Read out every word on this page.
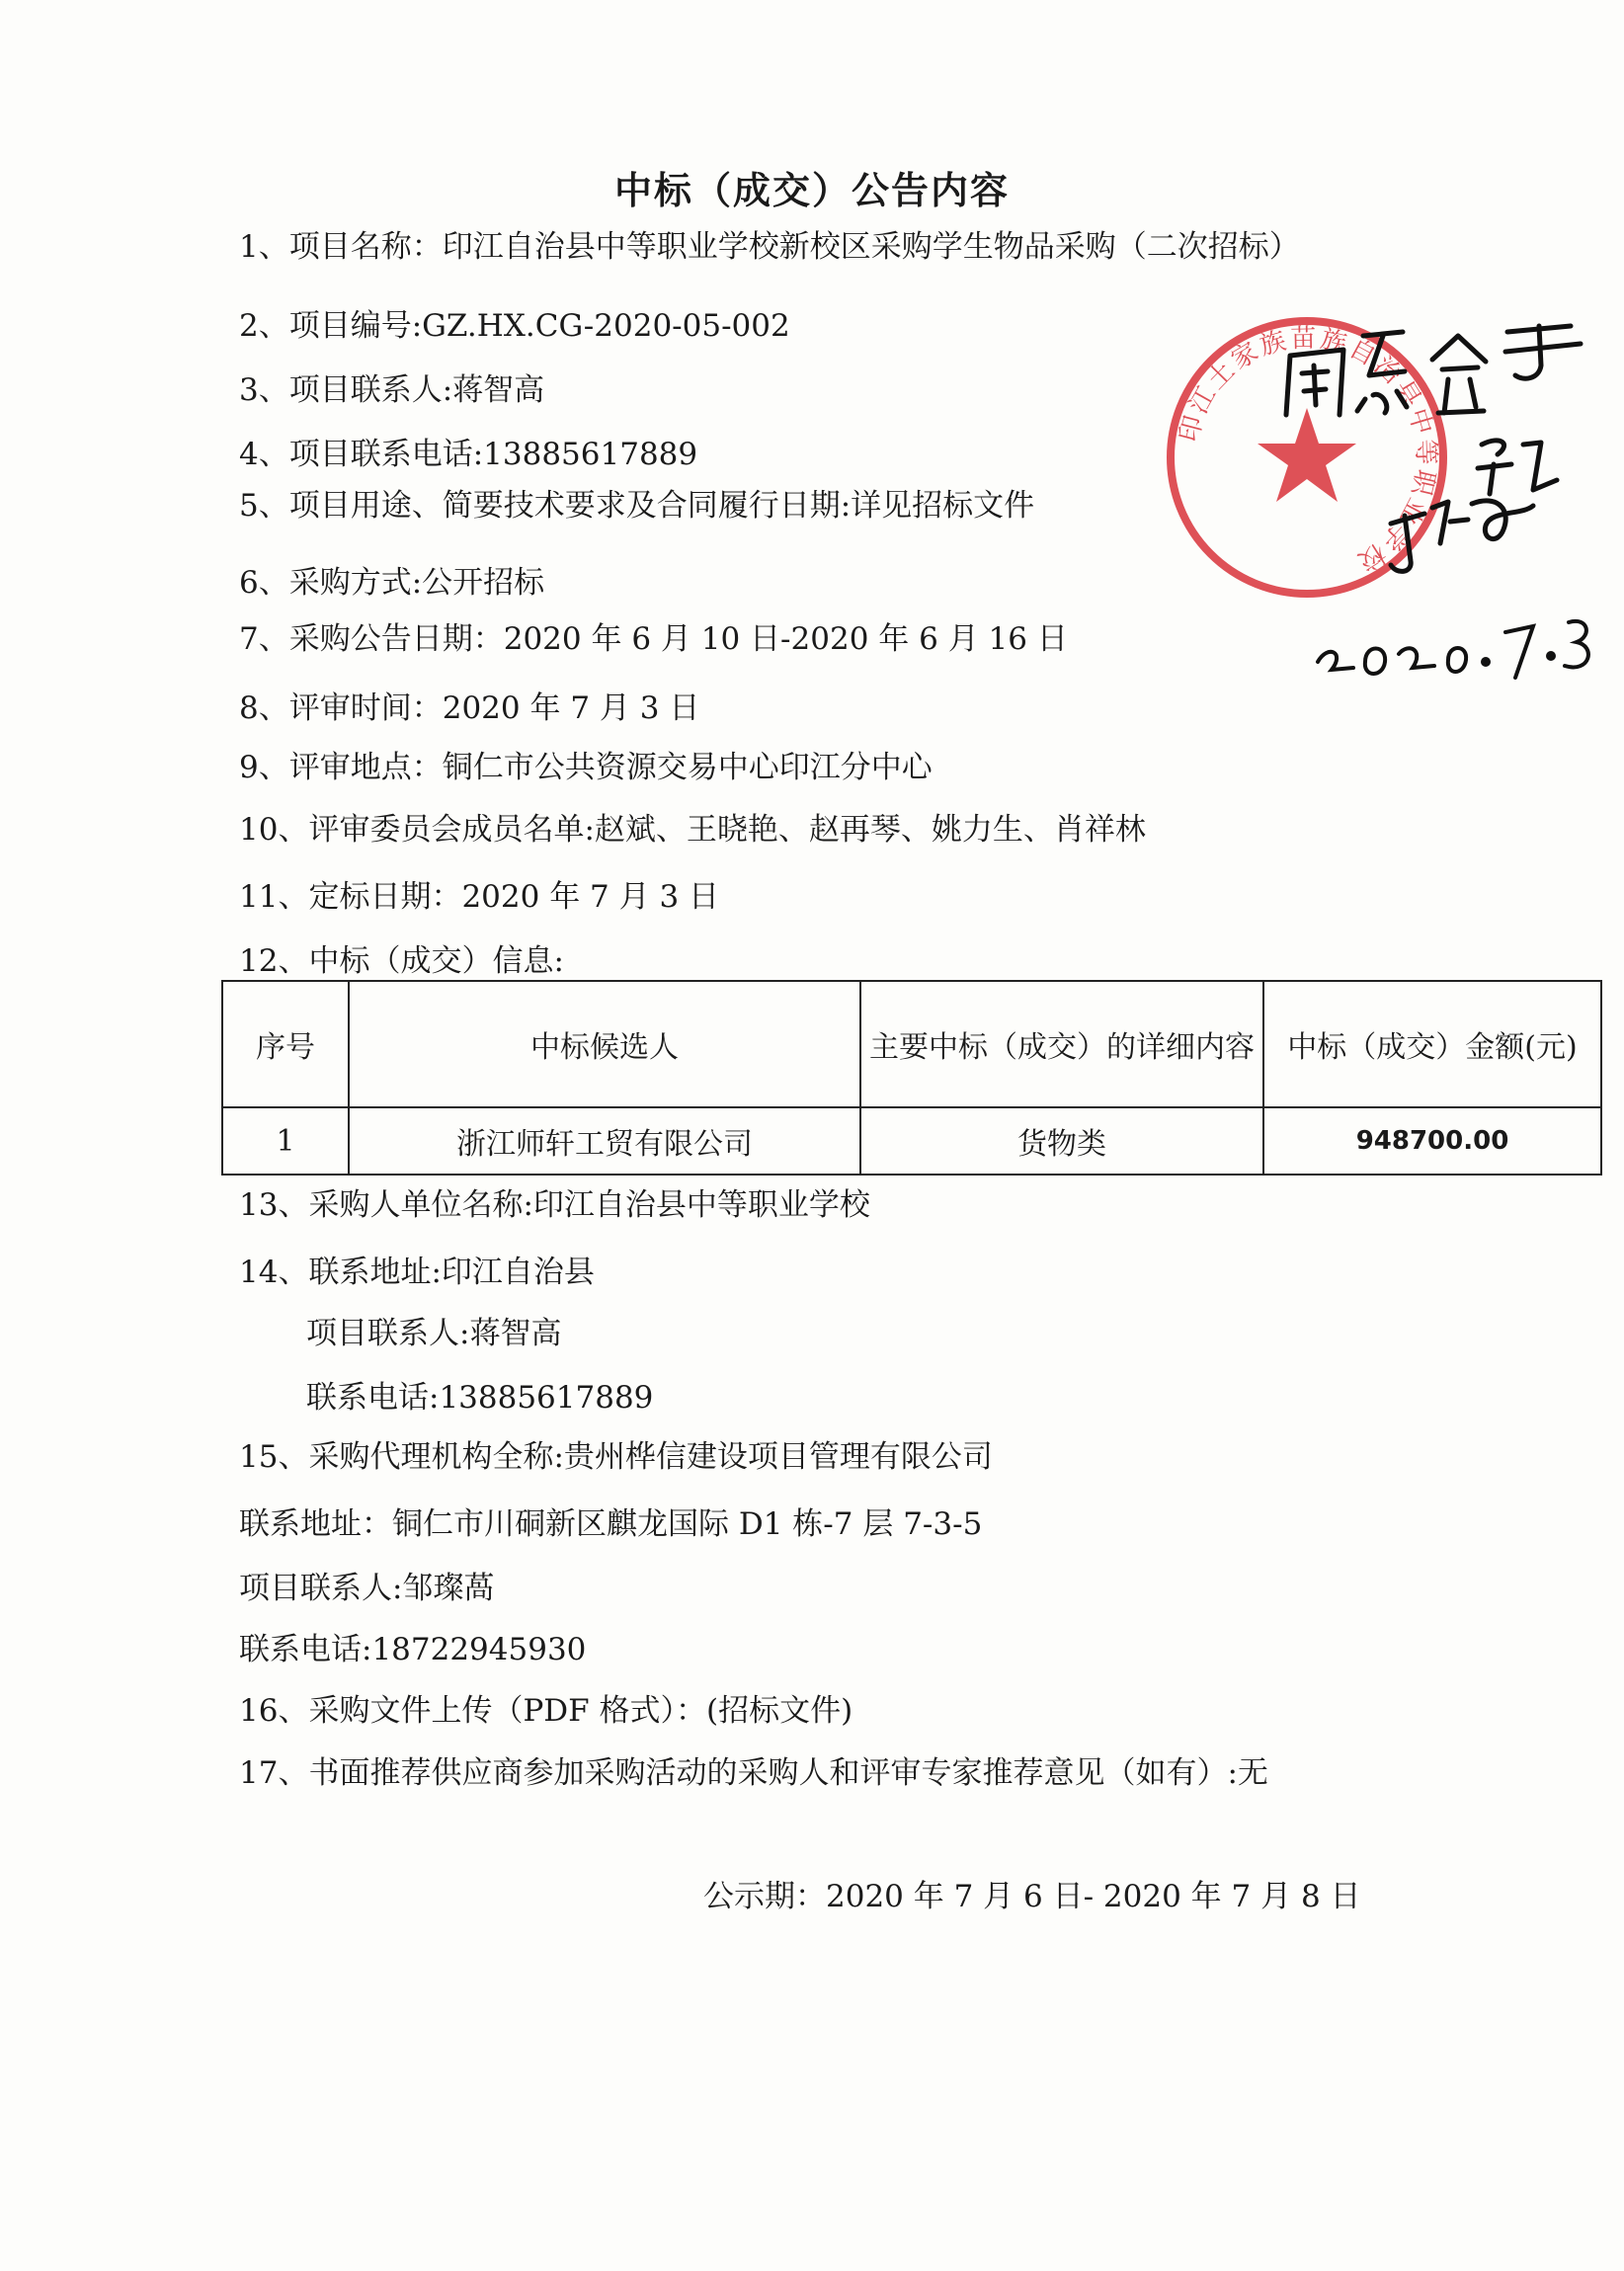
中标（成交）公告内容
1、项目名称：印江自治县中等职业学校新校区采购学生物品采购（二次招标）
2、项目编号:GZ.HX.CG-2020-05-002
3、项目联系人:蒋智高
4、项目联系电话:13885617889
5、项目用途、简要技术要求及合同履行日期:详见招标文件
6、采购方式:公开招标
7、采购公告日期：2020 年 6 月 10 日-2020 年 6 月 16 日
8、评审时间：2020 年 7 月 3 日
9、评审地点：铜仁市公共资源交易中心印江分中心
10、评审委员会成员名单:赵斌、王晓艳、赵再琴、姚力生、肖祥林
11、定标日期：2020 年 7 月 3 日
12、中标（成交）信息:
序号	中标候选人	主要中标（成交）的详细内容	中标（成交）金额(元)
1	浙江师轩工贸有限公司	货物类	948700.00
13、采购人单位名称:印江自治县中等职业学校
14、联系地址:印江自治县
项目联系人:蒋智高
联系电话:13885617889
15、采购代理机构全称:贵州桦信建设项目管理有限公司
联系地址：铜仁市川硐新区麒龙国际 D1 栋-7 层 7-3-5
项目联系人:邹璨萵
联系电话:18722945930
16、采购文件上传（PDF 格式）：(招标文件)
17、书面推荐供应商参加采购活动的采购人和评审专家推荐意见（如有）:无
公示期：2020 年 7 月 6 日- 2020 年 7 月 8 日
印江土家族苗族自治县中等职业学校
